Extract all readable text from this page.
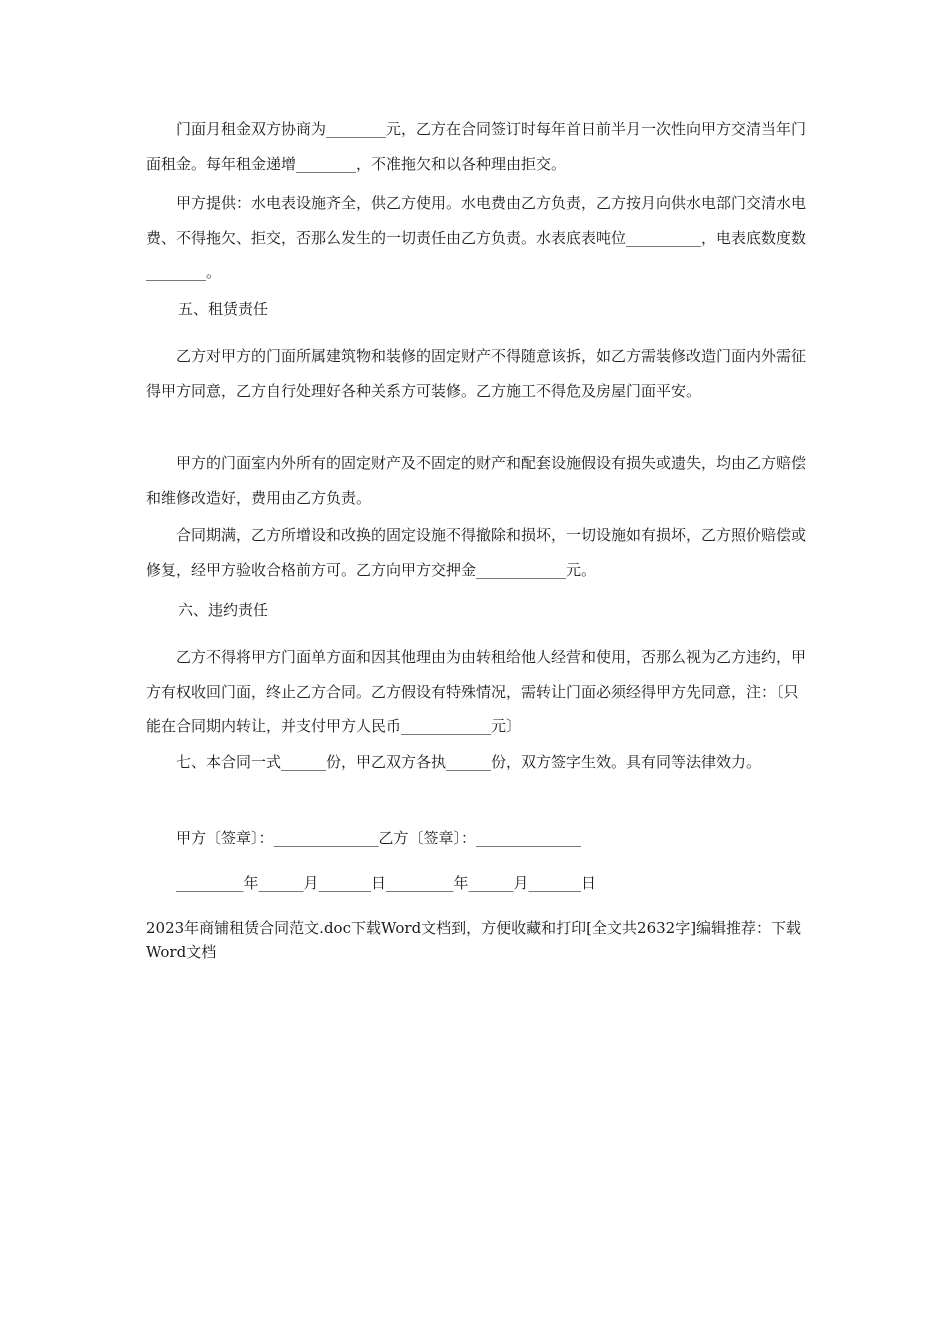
门面月租金双方协商为________元，乙方在合同签订时每年首日前半月一次性向甲方交清当年门面租金。每年租金递增________，不准拖欠和以各种理由拒交。

甲方提供：水电表设施齐全，供乙方使用。水电费由乙方负责，乙方按月向供水电部门交清水电费、不得拖欠、拒交，否那么发生的一切责任由乙方负责。水表底表吨位__________，电表底数度数________。

五、租赁责任

乙方对甲方的门面所属建筑物和装修的固定财产不得随意该拆，如乙方需装修改造门面内外需征得甲方同意，乙方自行处理好各种关系方可装修。乙方施工不得危及房屋门面平安。

甲方的门面室内外所有的固定财产及不固定的财产和配套设施假设有损失或遗失，均由乙方赔偿和维修改造好，费用由乙方负责。

合同期满，乙方所增设和改换的固定设施不得撤除和损坏，一切设施如有损坏，乙方照价赔偿或修复，经甲方验收合格前方可。乙方向甲方交押金____________元。

六、违约责任

乙方不得将甲方门面单方面和因其他理由为由转租给他人经营和使用，否那么视为乙方违约，甲方有权收回门面，终止乙方合同。乙方假设有特殊情况，需转让门面必须经得甲方先同意，注：〔只能在合同期内转让，并支付甲方人民币____________元〕

七、本合同一式______份，甲乙双方各执______份，双方签字生效。具有同等法律效力。

甲方〔签章〕：______________乙方〔签章〕：______________

_________年______月_______日_________年______月_______日

2023年商铺租赁合同范文.doc下载Word文档到，方便收藏和打印[全文共2632字]编辑推荐：下载Word文档
